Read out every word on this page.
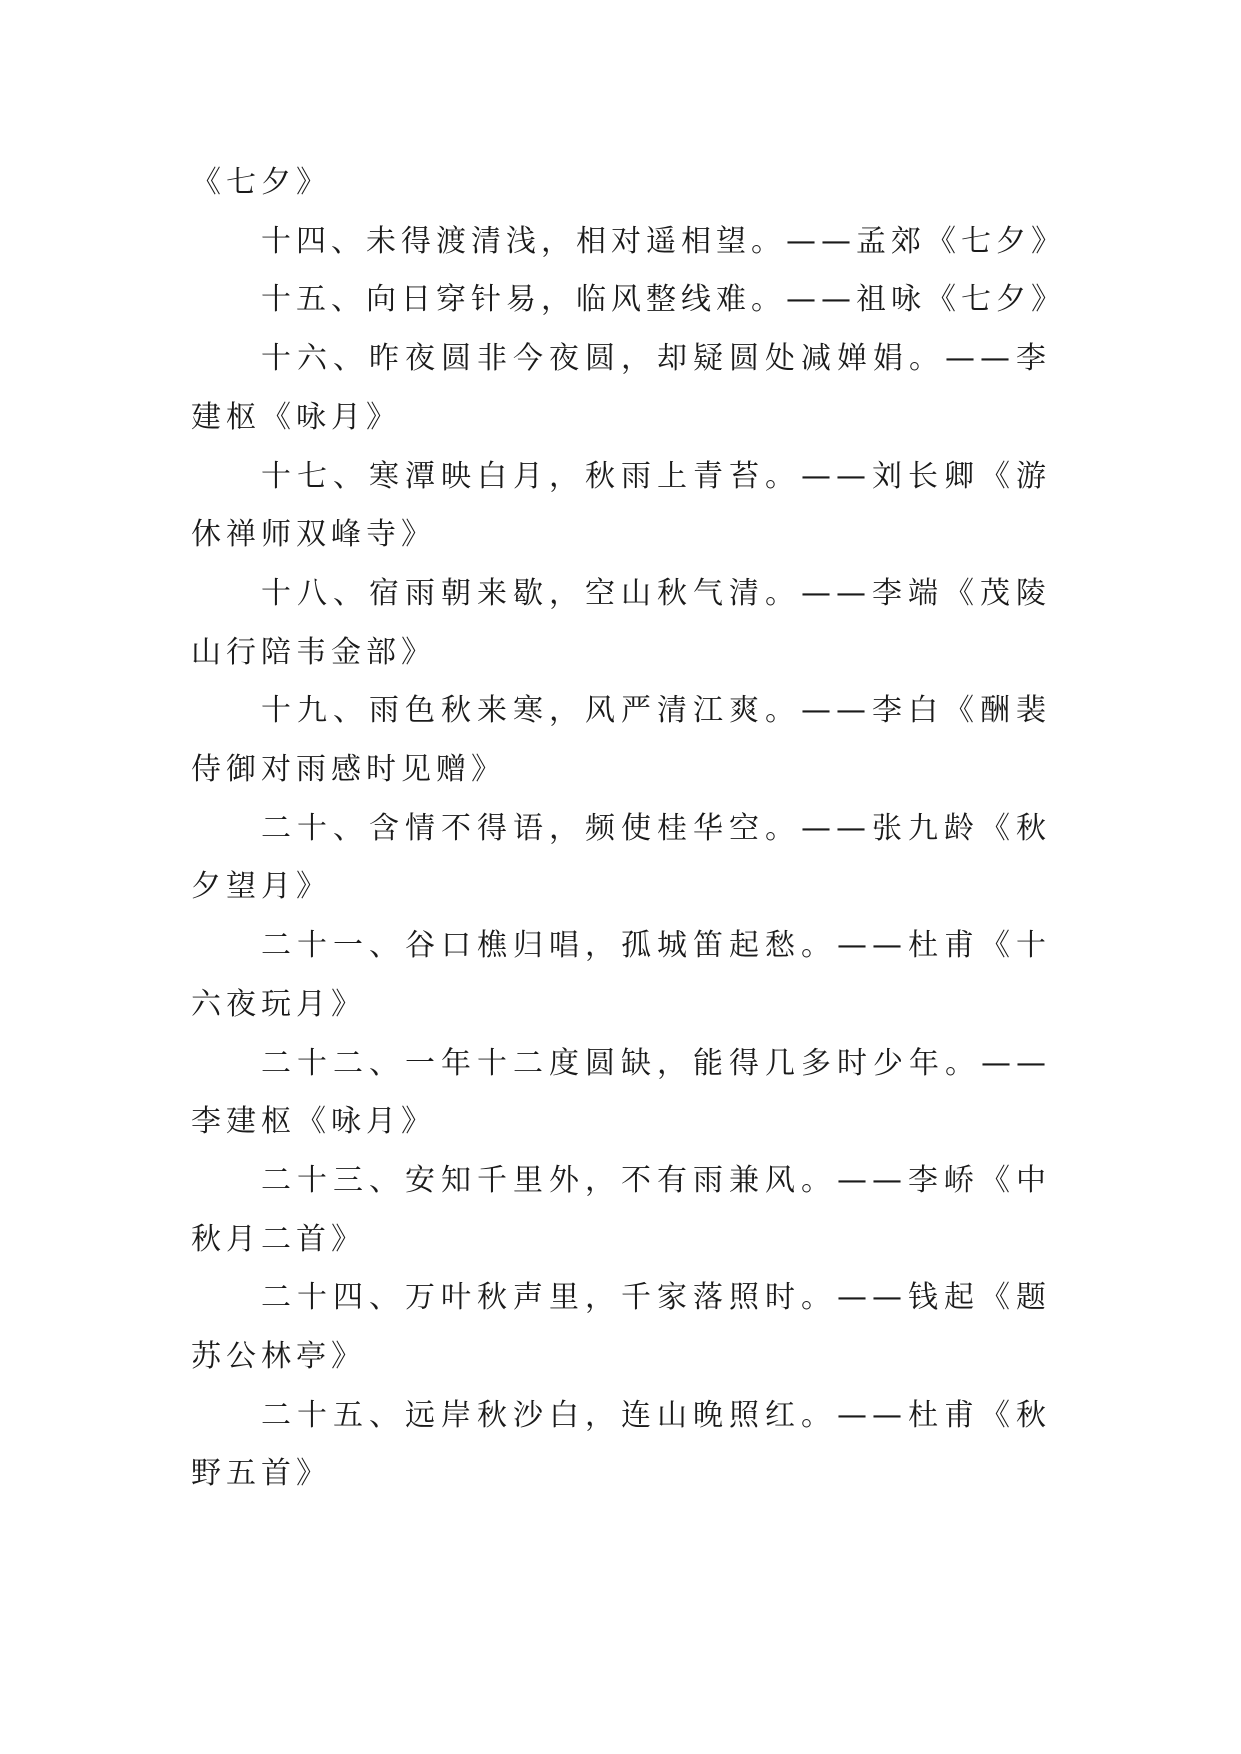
《七夕》

十四、未得渡清浅，相对遥相望。——孟郊《七夕》

十五、向日穿针易，临风整线难。——祖咏《七夕》

十六、昨夜圆非今夜圆，却疑圆处减婵娟。——李建枢《咏月》

十七、寒潭映白月，秋雨上青苔。——刘长卿《游休禅师双峰寺》

十八、宿雨朝来歇，空山秋气清。——李端《茂陵山行陪韦金部》

十九、雨色秋来寒，风严清江爽。——李白《酬裴侍御对雨感时见赠》

二十、含情不得语，频使桂华空。——张九龄《秋夕望月》

二十一、谷口樵归唱，孤城笛起愁。——杜甫《十六夜玩月》

二十二、一年十二度圆缺，能得几多时少年。——李建枢《咏月》

二十三、安知千里外，不有雨兼风。——李峤《中秋月二首》

二十四、万叶秋声里，千家落照时。——钱起《题苏公林亭》

二十五、远岸秋沙白，连山晚照红。——杜甫《秋野五首》
